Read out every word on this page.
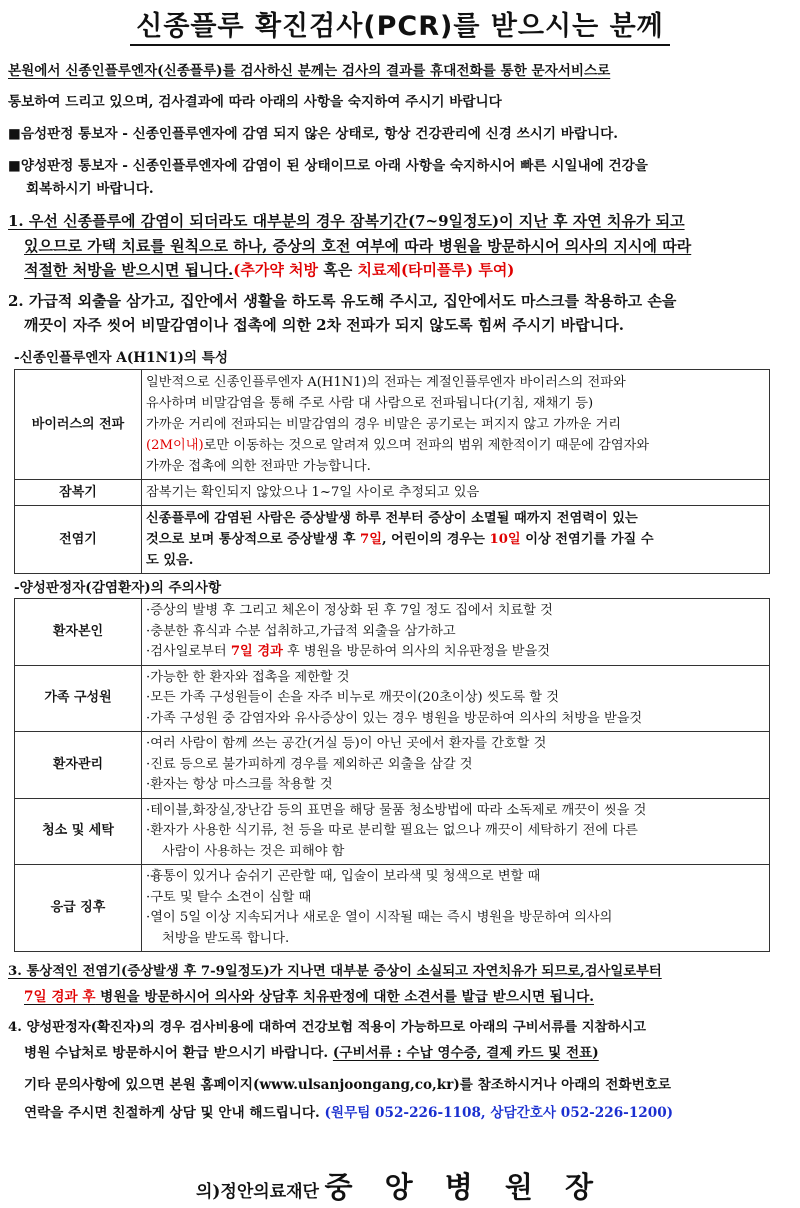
신종플루 확진검사(PCR)를 받으시는 분께
본원에서 신종인플루엔자(신종플루)를 검사하신 분께는 검사의 결과를 휴대전화를 통한 문자서비스로
통보하여 드리고 있으며, 검사결과에 따라 아래의 사항을 숙지하여 주시기 바랍니다
■음성판정 통보자 - 신종인플루엔자에 감염 되지 않은 상태로, 항상 건강관리에 신경 쓰시기 바랍니다.
■양성판정 통보자 - 신종인플루엔자에 감염이 된 상태이므로 아래 사항을 숙지하시어 빠른 시일내에 건강을
회복하시기 바랍니다.
1. 우선 신종플루에 감염이 되더라도 대부분의 경우 잠복기간(7~9일정도)이 지난 후 자연 치유가 되고
있으므로 가택 치료를 원칙으로 하나, 증상의 호전 여부에 따라 병원을 방문하시어 의사의 지시에 따라
적절한 처방을 받으시면 됩니다.(추가약 처방 혹은 치료제(타미플루) 투여)
2. 가급적 외출을 삼가고, 집안에서 생활을 하도록 유도해 주시고, 집안에서도 마스크를 착용하고 손을
깨끗이 자주 씻어 비말감염이나 접촉에 의한 2차 전파가 되지 않도록 힘써 주시기 바랍니다.
-신종인플루엔자 A(H1N1)의 특성
바이러스의 전파	일반적으로 신종인플루엔자 A(H1N1)의 전파는 계절인플루엔자 바이러스의 전파와
유사하며 비말감염을 통해 주로 사람 대 사람으로 전파됩니다(기침, 재채기 등)
가까운 거리에 전파되는 비말감염의 경우 비말은 공기로는 퍼지지 않고 가까운 거리
(2M이내)로만 이동하는 것으로 알려져 있으며 전파의 범위 제한적이기 때문에 감염자와
가까운 접촉에 의한 전파만 가능합니다.

잠복기	잠복기는 확인되지 않았으나 1~7일 사이로 추정되고 있음

전염기	신종플루에 감염된 사람은 증상발생 하루 전부터 증상이 소멸될 때까지 전염력이 있는
것으로 보며 통상적으로 증상발생 후 7일, 어린이의 경우는 10일 이상 전염기를 가질 수
도 있음.
-양성판정자(감염환자)의 주의사항
환자본인	·증상의 발병 후 그리고 체온이 정상화 된 후 7일 정도 집에서 치료할 것
·충분한 휴식과 수분 섭취하고,가급적 외출을 삼가하고
·검사일로부터 7일 경과 후 병원을 방문하여 의사의 치유판정을 받을것

가족 구성원	·가능한 한 환자와 접촉을 제한할 것
·모든 가족 구성원들이 손을 자주 비누로 깨끗이(20초이상) 씻도록 할 것
·가족 구성원 중 감염자와 유사증상이 있는 경우 병원을 방문하여 의사의 처방을 받을것

환자관리	·여러 사람이 함께 쓰는 공간(거실 등)이 아닌 곳에서 환자를 간호할 것
·진료 등으로 불가피하게 경우를 제외하곤 외출을 삼갈 것
·환자는 항상 마스크를 착용할 것

청소 및 세탁	·테이블,화장실,장난감 등의 표면을 해당 물품 청소방법에 따라 소독제로 깨끗이 씻을 것
·환자가 사용한 식기류, 천 등을 따로 분리할 필요는 없으나 깨끗이 세탁하기 전에 다른
사람이 사용하는 것은 피해야 함

응급 징후	·흉통이 있거나 숨쉬기 곤란할 때, 입술이 보라색 및 청색으로 변할 때
·구토 및 탈수 소견이 심할 때
·열이 5일 이상 지속되거나 새로운 열이 시작될 때는 즉시 병원을 방문하여 의사의
처방을 받도록 합니다.
3. 통상적인 전염기(증상발생 후 7-9일정도)가 지나면 대부분 증상이 소실되고 자연치유가 되므로,검사일로부터
7일 경과 후 병원을 방문하시어 의사와 상담후 치유판정에 대한 소견서를 발급 받으시면 됩니다.
4. 양성판정자(확진자)의 경우 검사비용에 대하여 건강보험 적용이 가능하므로 아래의 구비서류를 지참하시고
병원 수납처로 방문하시어 환급 받으시기 바랍니다. (구비서류 : 수납 영수증, 결제 카드 및 전표)
기타 문의사항에 있으면 본원 홈페이지(www.ulsanjoongang,co,kr)를 참조하시거나 아래의 전화번호로
연락을 주시면 친절하게 상담 및 안내 해드립니다. (원무팀 052-226-1108, 상담간호사 052-226-1200)
의)정안의료재단 중 앙 병 원 장
